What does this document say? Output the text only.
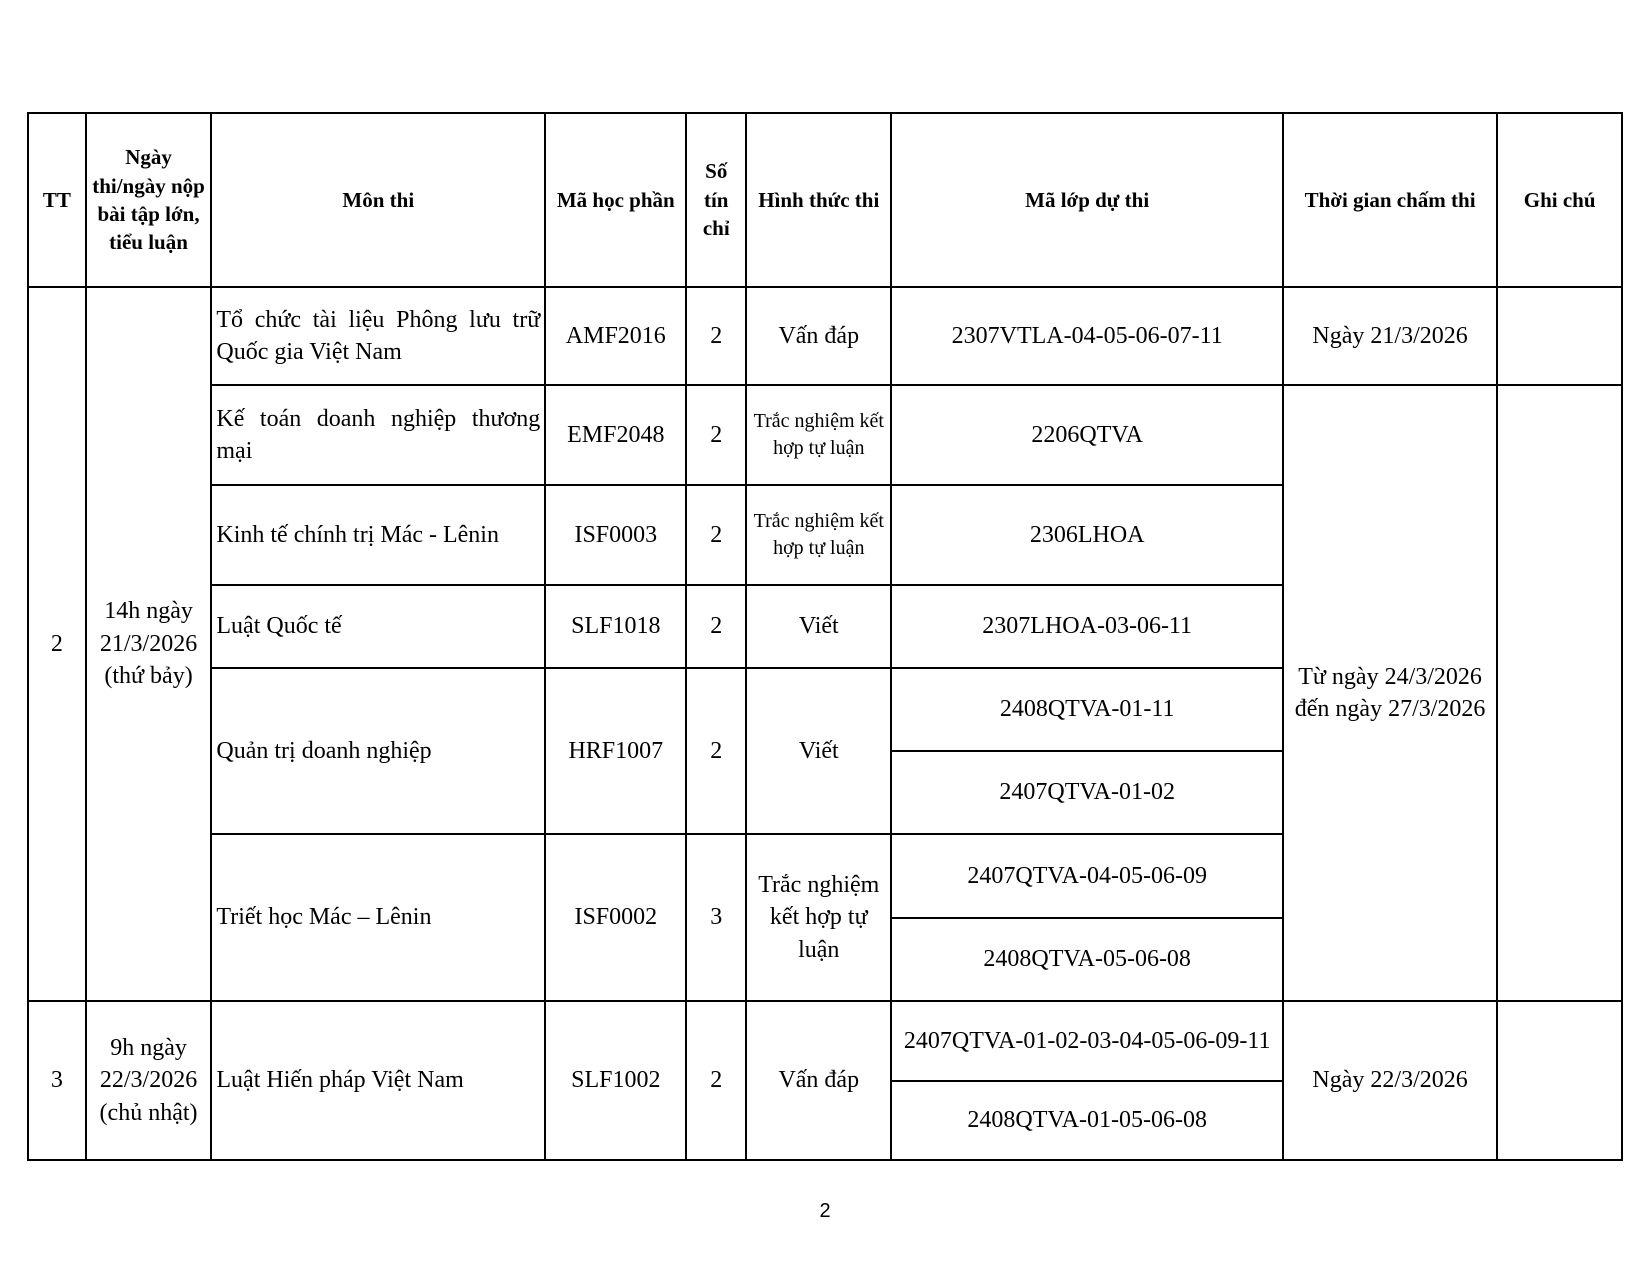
TT	Ngày thi/ngày nộp bài tập lớn, tiểu luận	Môn thi	Mã học phần	Số tín chỉ	Hình thức thi	Mã lớp dự thi	Thời gian chấm thi	Ghi chú
2	14h ngày 21/3/2026 (thứ bảy)	Tổ chức tài liệu Phông lưu trữ Quốc gia Việt Nam	AMF2016	2	Vấn đáp	2307VTLA-04-05-06-07-11	Ngày 21/3/2026	
		Kế toán doanh nghiệp thương mại	EMF2048	2	Trắc nghiệm kết hợp tự luận	2206QTVA	Từ ngày 24/3/2026 đến ngày 27/3/2026	
		Kinh tế chính trị Mác - Lênin	ISF0003	2	Trắc nghiệm kết hợp tự luận	2306LHOA		
		Luật Quốc tế	SLF1018	2	Viết	2307LHOA-03-06-11		
		Quản trị doanh nghiệp	HRF1007	2	Viết	2408QTVA-01-11		
						2407QTVA-01-02		
		Triết học Mác – Lênin	ISF0002	3	Trắc nghiệm kết hợp tự luận	2407QTVA-04-05-06-09		
						2408QTVA-05-06-08		
3	9h ngày 22/3/2026 (chủ nhật)	Luật Hiến pháp Việt Nam	SLF1002	2	Vấn đáp	2407QTVA-01-02-03-04-05-06-09-11	Ngày 22/3/2026	
						2408QTVA-01-05-06-08		
2
